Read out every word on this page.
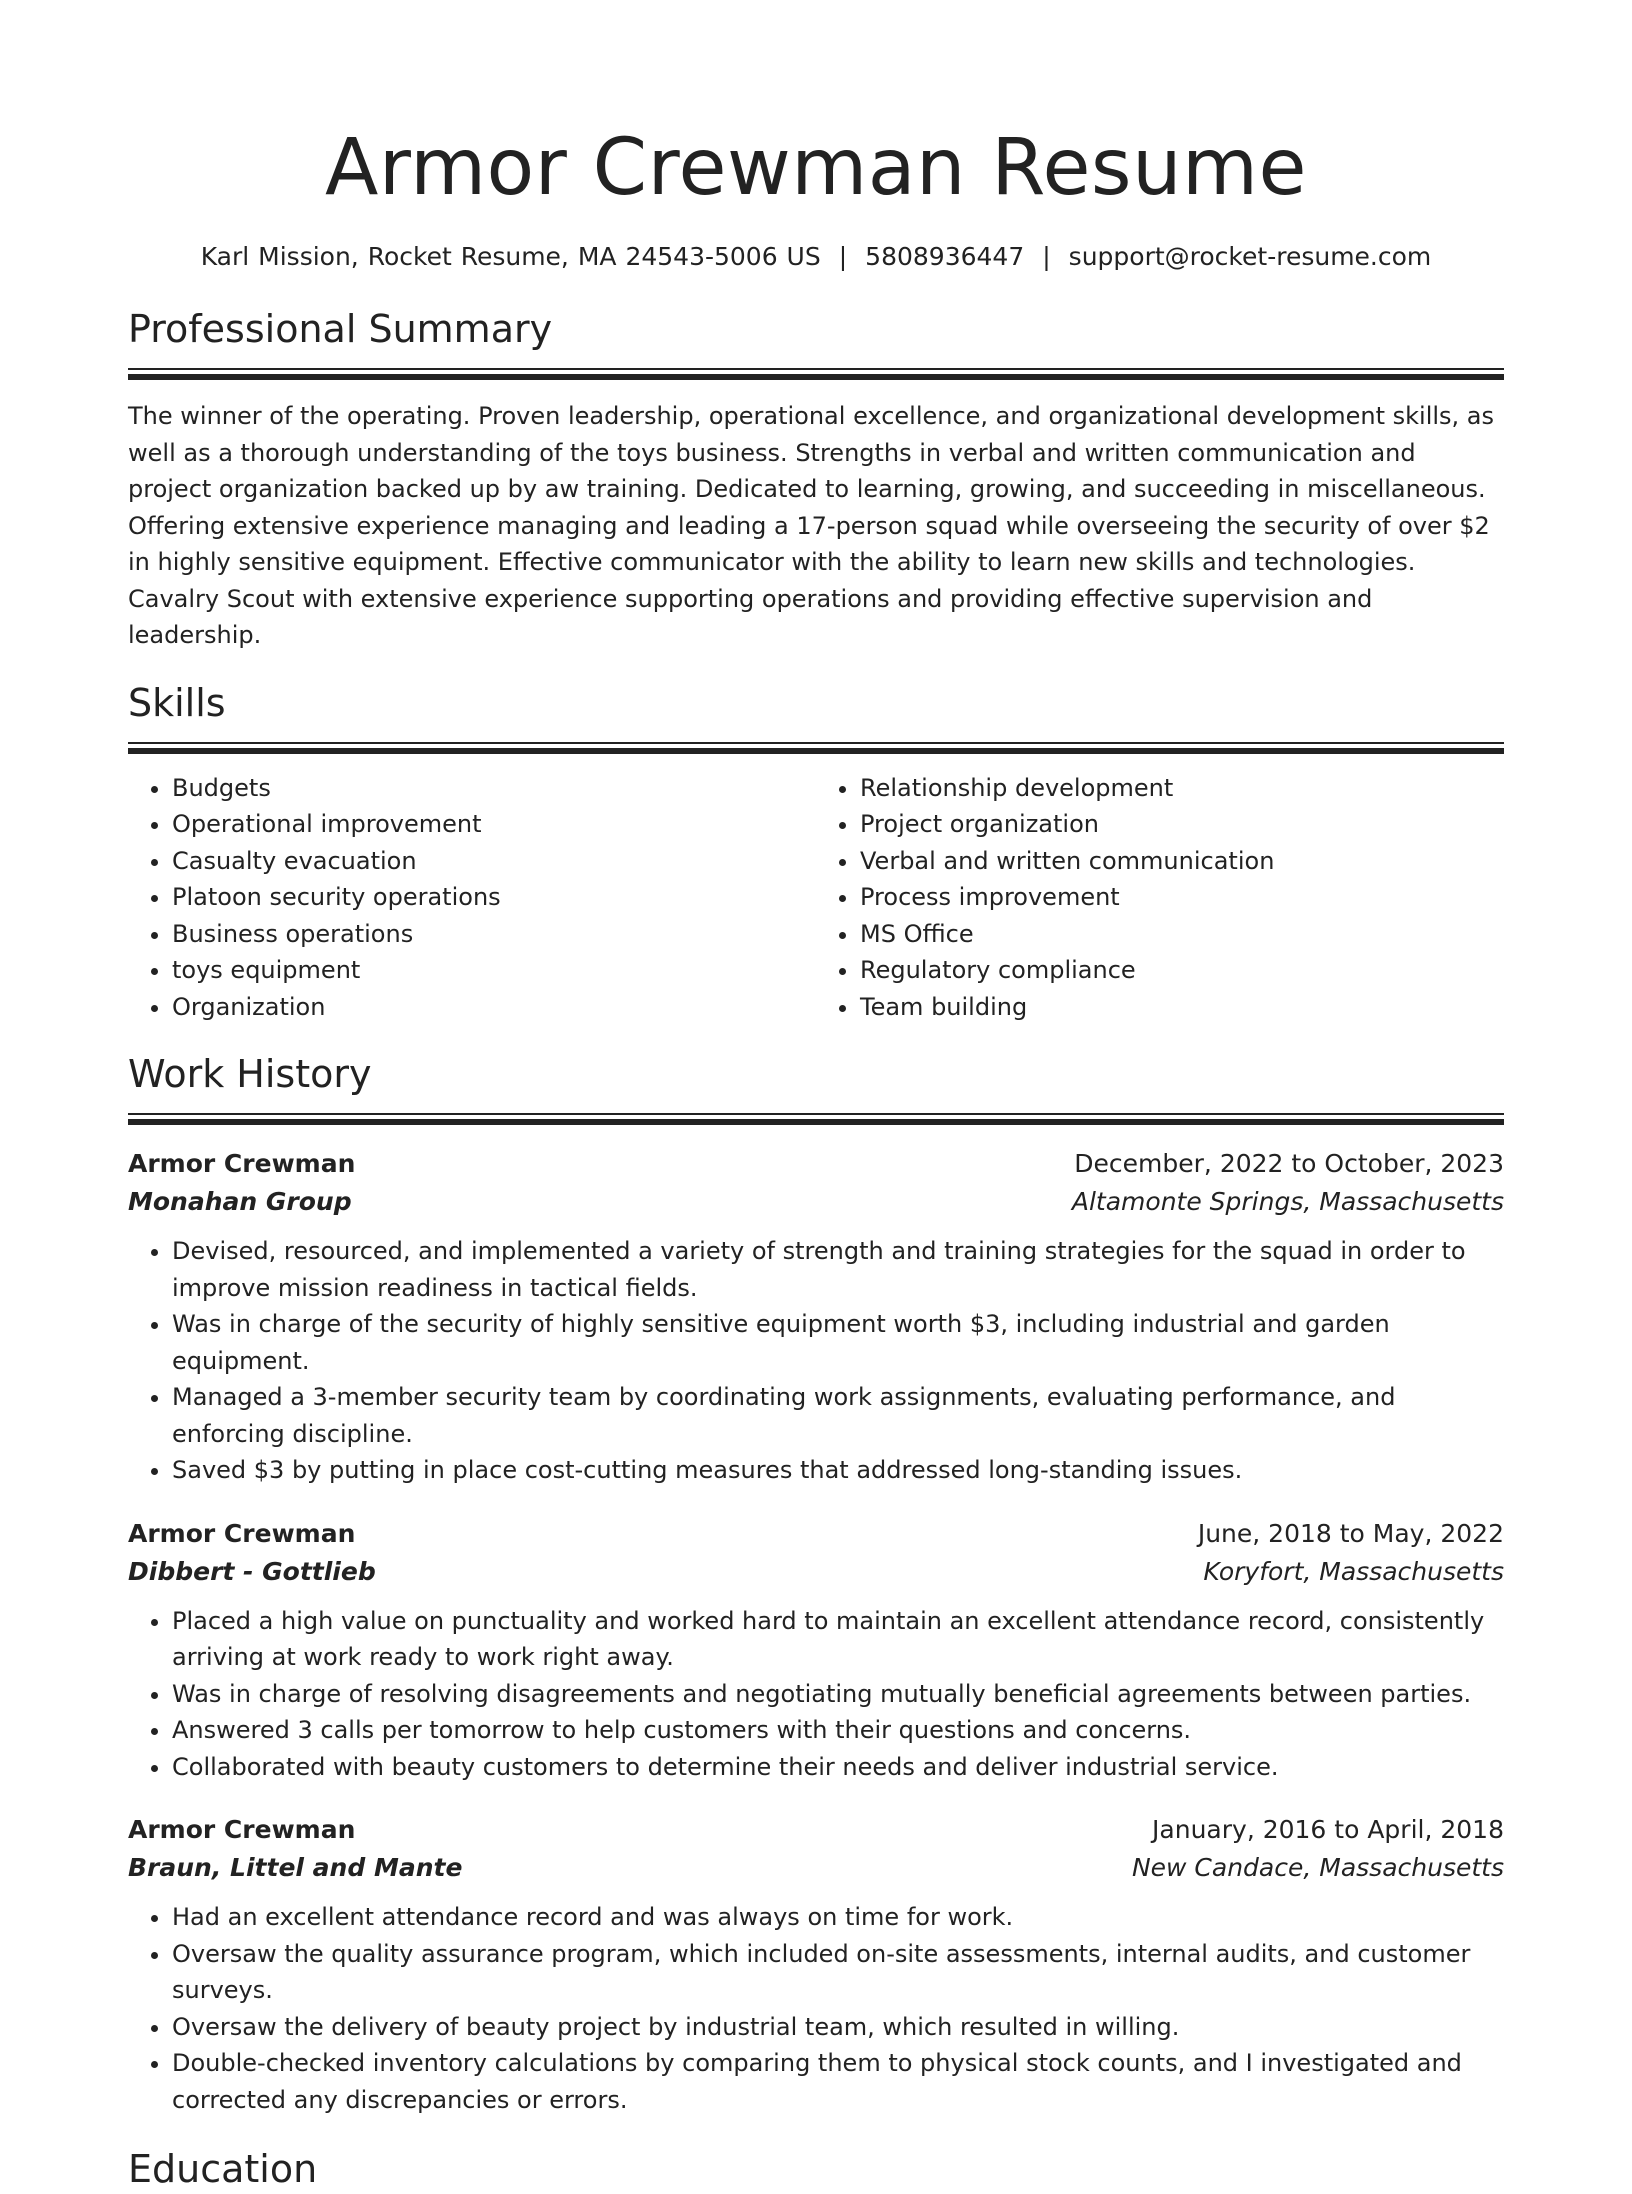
Armor Crewman Resume
Karl Mission, Rocket Resume, MA 24543-5006 US | 5808936447 | support@rocket-resume.com
Professional Summary

The winner of the operating. Proven leadership, operational excellence, and organizational development skills, as well as a thorough understanding of the toys business. Strengths in verbal and written communication and project organization backed up by aw training. Dedicated to learning, growing, and succeeding in miscellaneous. Offering extensive experience managing and leading a 17-person squad while overseeing the security of over $2 in highly sensitive equipment. Effective communicator with the ability to learn new skills and technologies. Cavalry Scout with extensive experience supporting operations and providing effective supervision and leadership.

Skills
• Budgets
• Operational improvement
• Casualty evacuation
• Platoon security operations
• Business operations
• toys equipment
• Organization
• Relationship development
• Project organization
• Verbal and written communication
• Process improvement
• MS Office
• Regulatory compliance
• Team building
Work History
Armor Crewman	December, 2022 to October, 2023
Monahan Group	Altamonte Springs, Massachusetts
• Devised, resourced, and implemented a variety of strength and training strategies for the squad in order to improve mission readiness in tactical fields.
• Was in charge of the security of highly sensitive equipment worth $3, including industrial and garden equipment.
• Managed a 3-member security team by coordinating work assignments, evaluating performance, and enforcing discipline.
• Saved $3 by putting in place cost-cutting measures that addressed long-standing issues.
Armor Crewman	June, 2018 to May, 2022
Dibbert - Gottlieb	Koryfort, Massachusetts
• Placed a high value on punctuality and worked hard to maintain an excellent attendance record, consistently arriving at work ready to work right away.
• Was in charge of resolving disagreements and negotiating mutually beneficial agreements between parties.
• Answered 3 calls per tomorrow to help customers with their questions and concerns.
• Collaborated with beauty customers to determine their needs and deliver industrial service.
Armor Crewman	January, 2016 to April, 2018
Braun, Littel and Mante	New Candace, Massachusetts
• Had an excellent attendance record and was always on time for work.
• Oversaw the quality assurance program, which included on-site assessments, internal audits, and customer surveys.
• Oversaw the delivery of beauty project by industrial team, which resulted in willing.
• Double-checked inventory calculations by comparing them to physical stock counts, and I investigated and corrected any discrepancies or errors.
Education
